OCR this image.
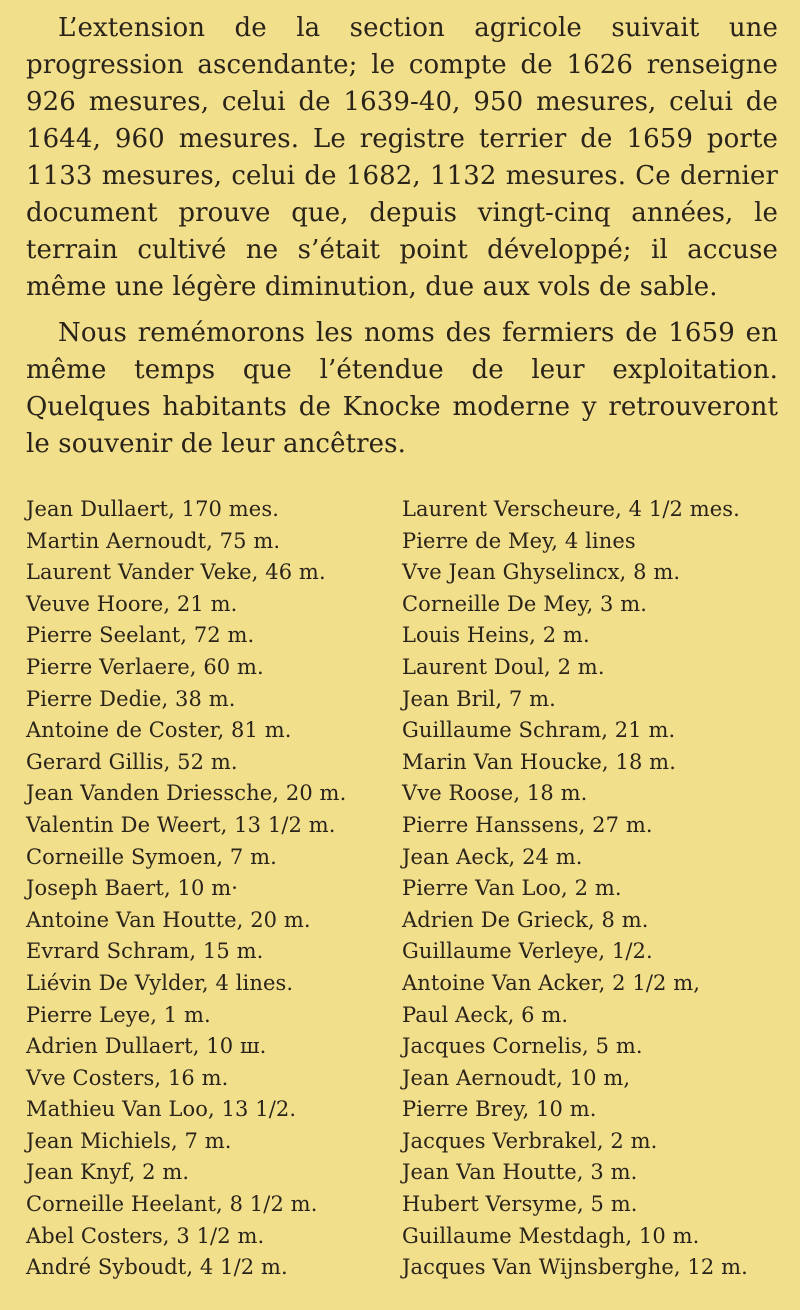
L’extension de la section agricole suivait une progression ascendante; le compte de 1626 renseigne 926 mesures, celui de 1639-40, 950 mesures, celui de 1644, 960 mesures. Le registre terrier de 1659 porte 1133 mesures, celui de 1682, 1132 mesures. Ce dernier document prouve que, depuis vingt-cinq années, le terrain cultivé ne s’était point développé; il accuse même une légère diminution, due aux vols de sable.

Nous remémorons les noms des fermiers de 1659 en même temps que l’étendue de leur exploitation. Quelques habitants de Knocke moderne y retrouveront le souvenir de leur ancêtres.

Jean Dullaert, 170 mes.
Martin Aernoudt, 75 m.
Laurent Vander Veke, 46 m.
Veuve Hoore, 21 m.
Pierre Seelant, 72 m.
Pierre Verlaere, 60 m.
Pierre Dedie, 38 m.
Antoine de Coster, 81 m.
Gerard Gillis, 52 m.
Jean Vanden Driessche, 20 m.
Valentin De Weert, 13 1/2 m.
Corneille Symoen, 7 m.
Joseph Baert, 10 m·
Antoine Van Houtte, 20 m.
Evrard Schram, 15 m.
Liévin De Vylder, 4 lines.
Pierre Leye, 1 m.
Adrien Dullaert, 10 ш.
Vve Costers, 16 m.
Mathieu Van Loo, 13 1/2.
Jean Michiels, 7 m.
Jean Knyf, 2 m.
Corneille Heelant, 8 1/2 m.
Abel Costers, 3 1/2 m.
André Syboudt, 4 1/2 m.
Laurent Verscheure, 4 1/2 mes.
Pierre de Mey, 4 lines
Vve Jean Ghyselincx, 8 m.
Corneille De Mey, 3 m.
Louis Heins, 2 m.
Laurent Doul, 2 m.
Jean Bril, 7 m.
Guillaume Schram, 21 m.
Marin Van Houcke, 18 m.
Vve Roose, 18 m.
Pierre Hanssens, 27 m.
Jean Aeck, 24 m.
Pierre Van Loo, 2 m.
Adrien De Grieck, 8 m.
Guillaume Verleye, 1/2.
Antoine Van Acker, 2 1/2 m,
Paul Aeck, 6 m.
Jacques Cornelis, 5 m.
Jean Aernoudt, 10 m,
Pierre Brey, 10 m.
Jacques Verbrakel, 2 m.
Jean Van Houtte, 3 m.
Hubert Versyme, 5 m.
Guillaume Mestdagh, 10 m.
Jacques Van Wijnsberghe, 12 m.
